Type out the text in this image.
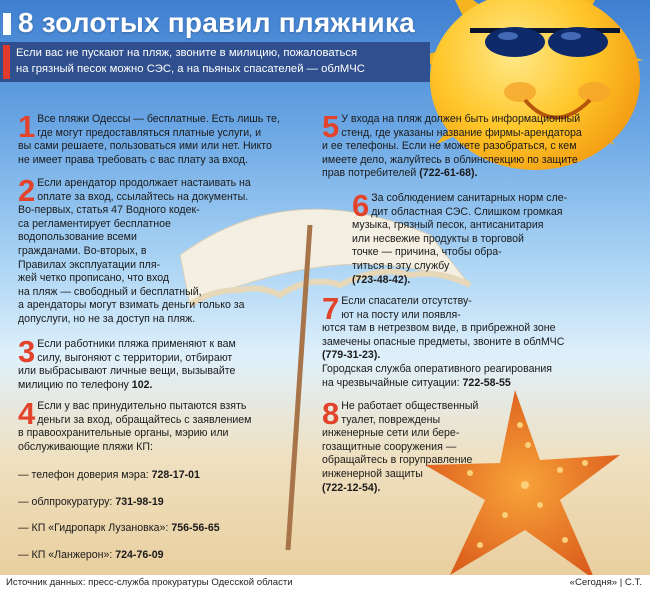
8 золотых правил пляжника
Если вас не пускают на пляж, звоните в милицию, пожаловаться
на грязный песок можно СЭС, а на пьяных спасателей — облМЧС
1 Все пляжи Одессы — бесплатные. Есть лишь те,
где могут предоставляться платные услуги, и
вы сами решаете, пользоваться ими или нет. Никто
не имеет права требовать с вас плату за вход.
2 Если арендатор продолжает настаивать на
оплате за вход, ссылайтесь на документы.
Во-первых, статья 47 Водного кодек-
са регламентирует бесплатное
водопользование всеми
гражданами. Во-вторых, в
Правилах эксплуатации пля-
жей четко прописано, что вход
на пляж — свободный и бесплатный,
а арендаторы могут взимать деньги только за
допуслуги, но не за доступ на пляж.
3 Если работники пляжа применяют к вам
силу, выгоняют с территории, отбирают
или выбрасывают личные вещи, вызывайте
милицию по телефону 102.
4 Если у вас принудительно пытаются взять
деньги за вход, обращайтесь с заявлением
в правоохранительные органы, мэрию или
обслуживающие пляжи КП:

— телефон доверия мэра: 728-17-01

— облпрокуратуру: 731-98-19

— КП «Гидропарк Лузановка»: 756-56-65

— КП «Ланжерон»: 724-76-09

5 У входа на пляж должен быть информационный
стенд, где указаны название фирмы-арендатора
и ее телефоны. Если не можете разобраться, с кем
имеете дело, жалуйтесь в облинспекцию по защите
прав потребителей (722-61-68).
6 За соблюдением санитарных норм сле-
дит областная СЭС. Слишком громкая
музыка, грязный песок, антисанитария
или несвежие продукты в торговой
точке — причина, чтобы обра-
титься в эту службу
(723-48-42).
7 Если спасатели отсутству-
ют на посту или появля-
ются там в нетрезвом виде, в прибрежной зоне
замечены опасные предметы, звоните в облМЧС
(779-31-23).
Городская служба оперативного реагирования
на чрезвычайные ситуации: 722-58-55
8 Не работает общественный туалет, повреждены
инженерные сети или бере-
гозащитные сооружения —
обращайтесь в горуправление
инженерной защиты
(722-12-54).
Источник данных: пресс-служба прокуратуры Одесской области	«Сегодня» | С.Т.
